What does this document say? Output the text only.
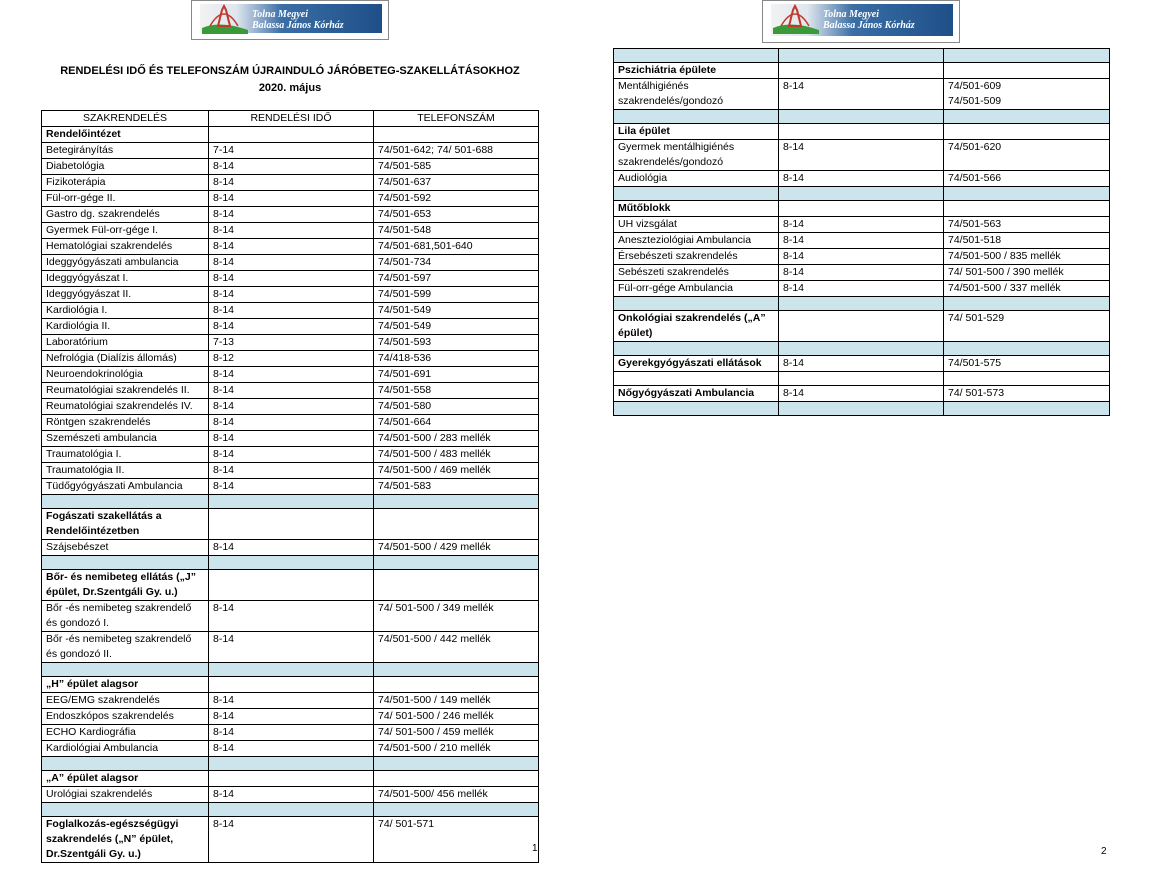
Tolna Megyei
Balassa János Kórház
Tolna Megyei
Balassa János Kórház
RENDELÉSI IDŐ ÉS TELEFONSZÁM ÚJRAINDULÓ JÁRÓBETEG-SZAKELLÁTÁSOKHOZ
2020. május
SZAKRENDELÉS	RENDELÉSI IDŐ	TELEFONSZÁM
Rendelőintézet		
Betegirányítás	7-14	74/501-642; 74/ 501-688

Diabetológia	8-14	74/501-585

Fizikoterápia	8-14	74/501-637

Fül-orr-gége II.	8-14	74/501-592

Gastro dg. szakrendelés	8-14	74/501-653

Gyermek Fül-orr-gége I.	8-14	74/501-548

Hematológiai szakrendelés	8-14	74/501-681,501-640

Ideggyógyászati ambulancia	8-14	74/501-734

Ideggyógyászat I.	8-14	74/501-597

Ideggyógyászat II.	8-14	74/501-599

Kardiológia I.	8-14	74/501-549

Kardiológia II.	8-14	74/501-549

Laboratórium	7-13	74/501-593

Nefrológia (Dialízis állomás)	8-12	74/418-536

Neuroendokrinológia	8-14	74/501-691

Reumatológiai szakrendelés II.	8-14	74/501-558

Reumatológiai szakrendelés IV.	8-14	74/501-580

Röntgen szakrendelés	8-14	74/501-664

Szemészeti ambulancia	8-14	74/501-500 / 283 mellék

Traumatológia I.	8-14	74/501-500 / 483 mellék

Traumatológia II.	8-14	74/501-500 / 469 mellék

Tüdőgyógyászati Ambulancia	8-14	74/501-583

Fogászati szakellátás a Rendelőintézetben		
Szájsebészet	8-14	74/501-500 / 429 mellék

Bőr- és nemibeteg ellátás („J” épület, Dr.Szentgáli Gy. u.)		
Bőr -és nemibeteg szakrendelő és gondozó I.	8-14	74/ 501-500 / 349 mellék

Bőr -és nemibeteg szakrendelő és gondozó II.	8-14	74/501-500 / 442 mellék

„H” épület alagsor		
EEG/EMG szakrendelés	8-14	74/501-500 / 149 mellék

Endoszkópos szakrendelés	8-14	74/ 501-500 / 246 mellék

ECHO Kardiográfia	8-14	74/ 501-500 / 459 mellék

Kardiológiai Ambulancia	8-14	74/501-500 / 210 mellék

„A” épület alagsor		
Urológiai szakrendelés	8-14	74/501-500/ 456 mellék

Foglalkozás-egészségügyi szakrendelés („N” épület, Dr.Szentgáli Gy. u.)	8-14	74/ 501-571

Pszichiátria épülete		
Mentálhigiénés szakrendelés/gondozó	8-14	74/501-609
74/501-509

Lila épület		
Gyermek mentálhigiénés szakrendelés/gondozó	8-14	74/501-620

Audiológia	8-14	74/501-566

Műtőblokk		
UH vizsgálat	8-14	74/501-563

Aneszteziológiai Ambulancia	8-14	74/501-518

Érsebészeti szakrendelés	8-14	74/501-500 / 835 mellék

Sebészeti szakrendelés	8-14	74/ 501-500 / 390 mellék

Fül-orr-gége Ambulancia	8-14	74/501-500 / 337 mellék

Onkológiai szakrendelés („A” épület)		74/ 501-529

Gyerekgyógyászati ellátások	8-14	74/501-575

Nőgyógyászati Ambulancia	8-14	74/ 501-573

1	2
